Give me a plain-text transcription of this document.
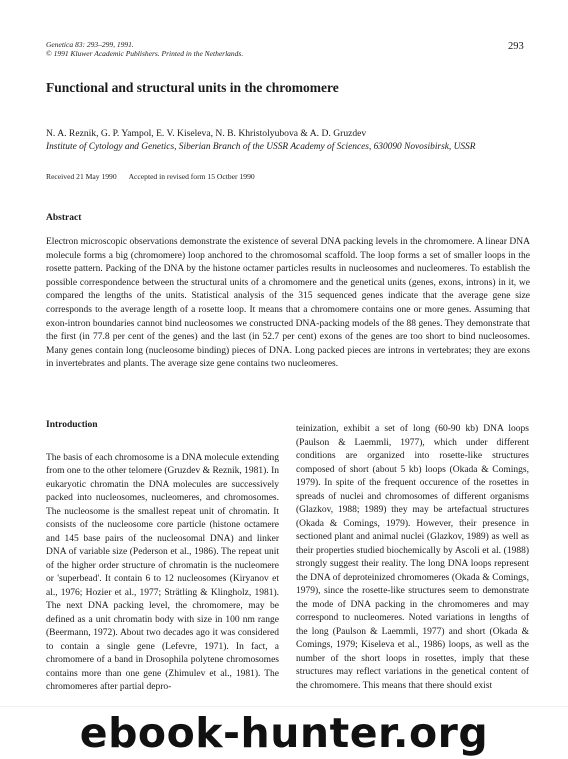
Genetica 83: 293–299, 1991.
© 1991 Kluwer Academic Publishers. Printed in the Netherlands.
293
Functional and structural units in the chromomere
N. A. Reznik, G. P. Yampol, E. V. Kiseleva, N. B. Khristolyubova & A. D. Gruzdev
Institute of Cytology and Genetics, Siberian Branch of the USSR Academy of Sciences, 630090 Novosibirsk, USSR
Received 21 May 1990 Accepted in revised form 15 Octber 1990
Abstract

Electron microscopic observations demonstrate the existence of several DNA packing levels in the chromomere. A linear DNA molecule forms a big (chromomere) loop anchored to the chromosomal scaffold. The loop forms a set of smaller loops in the rosette pattern. Packing of the DNA by the histone octamer particles results in nucleosomes and nucleomeres. To establish the possible correspondence between the structural units of a chromomere and the genetical units (genes, exons, introns) in it, we compared the lengths of the units. Statistical analysis of the 315 sequenced genes indicate that the average gene size corresponds to the average length of a rosette loop. It means that a chromomere contains one or more genes. Assuming that exon-intron boundaries cannot bind nucleosomes we constructed DNA-packing models of the 88 genes. They demonstrate that the first (in 77.8 per cent of the genes) and the last (in 52.7 per cent) exons of the genes are too short to bind nucleosomes. Many genes contain long (nucleosome binding) pieces of DNA. Long packed pieces are introns in vertebrates; they are exons in invertebrates and plants. The average size gene contains two nucleomeres.

Introduction
The basis of each chromosome is a DNA molecule extending from one to the other telomere (Gruzdev & Reznik, 1981). In eukaryotic chromatin the DNA molecules are successively packed into nucleosomes, nucleomeres, and chromosomes. The nucleosome is the smallest repeat unit of chromatin. It consists of the nucleosome core particle (histone octamere and 145 base pairs of the nucleosomal DNA) and linker DNA of variable size (Pederson et al., 1986). The repeat unit of the higher order structure of chromatin is the nucleomere or 'superbead'. It contain 6 to 12 nucleosomes (Kiryanov et al., 1976; Hozier et al., 1977; Strätling & Klingholz, 1981). The next DNA packing level, the chromomere, may be defined as a unit chromatin body with size in 100 nm range (Beermann, 1972). About two decades ago it was considered to contain a single gene (Lefevre, 1971). In fact, a chromomere of a band in Drosophila polytene chromosomes contains more than one gene (Zhimulev et al., 1981). The chromomeres after partial depro-
teinization, exhibit a set of long (60-90 kb) DNA loops (Paulson & Laemmli, 1977), which under different conditions are organized into rosette-like structures composed of short (about 5 kb) loops (Okada & Comings, 1979). In spite of the frequent occurence of the rosettes in spreads of nuclei and chromosomes of different organisms (Glazkov, 1988; 1989) they may be artefactual structures (Okada & Comings, 1979). However, their presence in sectioned plant and animal nuclei (Glazkov, 1989) as well as their properties studied biochemically by Ascoli et al. (1988) strongly suggest their reality. The long DNA loops represent the DNA of deproteinized chromomeres (Okada & Comings, 1979), since the rosette-like structures seem to demonstrate the mode of DNA packing in the chromomeres and may correspond to nucleomeres. Noted variations in lengths of the long (Paulson & Laemmli, 1977) and short (Okada & Comings, 1979; Kiseleva et al., 1986) loops, as well as the number of the short loops in rosettes, imply that these structures may reflect variations in the genetical content of the chromomere. This means that there should exist
ebook-hunter.org
